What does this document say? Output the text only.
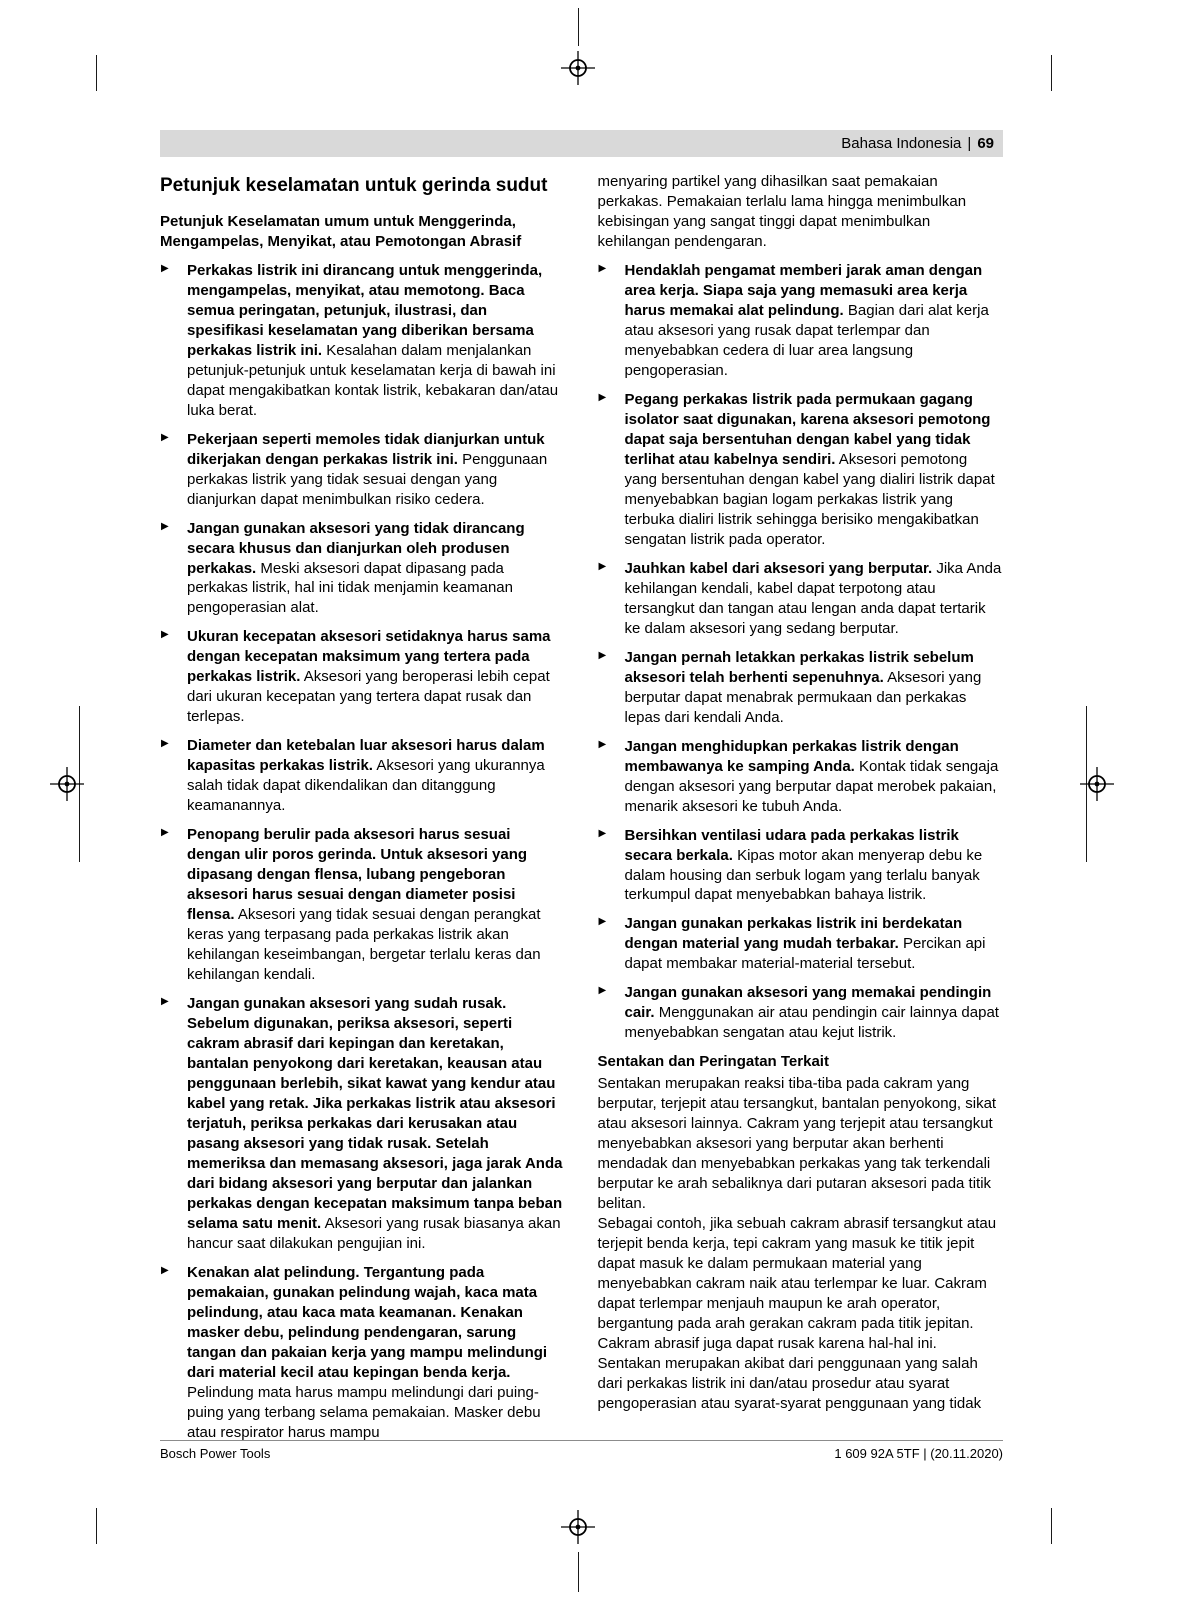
Bahasa Indonesia | 69
Petunjuk keselamatan untuk gerinda sudut
Petunjuk Keselamatan umum untuk Menggerinda, Mengampelas, Menyikat, atau Pemotongan Abrasif
▶ Perkakas listrik ini dirancang untuk menggerinda, mengampelas, menyikat, atau memotong. Baca semua peringatan, petunjuk, ilustrasi, dan spesifikasi keselamatan yang diberikan bersama perkakas listrik ini. Kesalahan dalam menjalankan petunjuk-petunjuk untuk keselamatan kerja di bawah ini dapat mengakibatkan kontak listrik, kebakaran dan/atau luka berat.

▶ Pekerjaan seperti memoles tidak dianjurkan untuk dikerjakan dengan perkakas listrik ini. Penggunaan perkakas listrik yang tidak sesuai dengan yang dianjurkan dapat menimbulkan risiko cedera.

▶ Jangan gunakan aksesori yang tidak dirancang secara khusus dan dianjurkan oleh produsen perkakas. Meski aksesori dapat dipasang pada perkakas listrik, hal ini tidak menjamin keamanan pengoperasian alat.

▶ Ukuran kecepatan aksesori setidaknya harus sama dengan kecepatan maksimum yang tertera pada perkakas listrik. Aksesori yang beroperasi lebih cepat dari ukuran kecepatan yang tertera dapat rusak dan terlepas.

▶ Diameter dan ketebalan luar aksesori harus dalam kapasitas perkakas listrik. Aksesori yang ukurannya salah tidak dapat dikendalikan dan ditanggung keamanannya.

▶ Penopang berulir pada aksesori harus sesuai dengan ulir poros gerinda. Untuk aksesori yang dipasang dengan flensa, lubang pengeboran aksesori harus sesuai dengan diameter posisi flensa. Aksesori yang tidak sesuai dengan perangkat keras yang terpasang pada perkakas listrik akan kehilangan keseimbangan, bergetar terlalu keras dan kehilangan kendali.

▶ Jangan gunakan aksesori yang sudah rusak. Sebelum digunakan, periksa aksesori, seperti cakram abrasif dari kepingan dan keretakan, bantalan penyokong dari keretakan, keausan atau penggunaan berlebih, sikat kawat yang kendur atau kabel yang retak. Jika perkakas listrik atau aksesori terjatuh, periksa perkakas dari kerusakan atau pasang aksesori yang tidak rusak. Setelah memeriksa dan memasang aksesori, jaga jarak Anda dari bidang aksesori yang berputar dan jalankan perkakas dengan kecepatan maksimum tanpa beban selama satu menit. Aksesori yang rusak biasanya akan hancur saat dilakukan pengujian ini.

▶ Kenakan alat pelindung. Tergantung pada pemakaian, gunakan pelindung wajah, kaca mata pelindung, atau kaca mata keamanan. Kenakan masker debu, pelindung pendengaran, sarung tangan dan pakaian kerja yang mampu melindungi dari material kecil atau kepingan benda kerja. Pelindung mata harus mampu melindungi dari puing-puing yang terbang selama pemakaian. Masker debu atau respirator harus mampu

menyaring partikel yang dihasilkan saat pemakaian perkakas. Pemakaian terlalu lama hingga menimbulkan kebisingan yang sangat tinggi dapat menimbulkan kehilangan pendengaran.

▶ Hendaklah pengamat memberi jarak aman dengan area kerja. Siapa saja yang memasuki area kerja harus memakai alat pelindung. Bagian dari alat kerja atau aksesori yang rusak dapat terlempar dan menyebabkan cedera di luar area langsung pengoperasian.

▶ Pegang perkakas listrik pada permukaan gagang isolator saat digunakan, karena aksesori pemotong dapat saja bersentuhan dengan kabel yang tidak terlihat atau kabelnya sendiri. Aksesori pemotong yang bersentuhan dengan kabel yang dialiri listrik dapat menyebabkan bagian logam perkakas listrik yang terbuka dialiri listrik sehingga berisiko mengakibatkan sengatan listrik pada operator.

▶ Jauhkan kabel dari aksesori yang berputar. Jika Anda kehilangan kendali, kabel dapat terpotong atau tersangkut dan tangan atau lengan anda dapat tertarik ke dalam aksesori yang sedang berputar.

▶ Jangan pernah letakkan perkakas listrik sebelum aksesori telah berhenti sepenuhnya. Aksesori yang berputar dapat menabrak permukaan dan perkakas lepas dari kendali Anda.

▶ Jangan menghidupkan perkakas listrik dengan membawanya ke samping Anda. Kontak tidak sengaja dengan aksesori yang berputar dapat merobek pakaian, menarik aksesori ke tubuh Anda.

▶ Bersihkan ventilasi udara pada perkakas listrik secara berkala. Kipas motor akan menyerap debu ke dalam housing dan serbuk logam yang terlalu banyak terkumpul dapat menyebabkan bahaya listrik.

▶ Jangan gunakan perkakas listrik ini berdekatan dengan material yang mudah terbakar. Percikan api dapat membakar material-material tersebut.

▶ Jangan gunakan aksesori yang memakai pendingin cair. Menggunakan air atau pendingin cair lainnya dapat menyebabkan sengatan atau kejut listrik.

Sentakan dan Peringatan Terkait

Sentakan merupakan reaksi tiba-tiba pada cakram yang berputar, terjepit atau tersangkut, bantalan penyokong, sikat atau aksesori lainnya. Cakram yang terjepit atau tersangkut menyebabkan aksesori yang berputar akan berhenti mendadak dan menyebabkan perkakas yang tak terkendali berputar ke arah sebaliknya dari putaran aksesori pada titik belitan.

Sebagai contoh, jika sebuah cakram abrasif tersangkut atau terjepit benda kerja, tepi cakram yang masuk ke titik jepit dapat masuk ke dalam permukaan material yang menyebabkan cakram naik atau terlempar ke luar. Cakram dapat terlempar menjauh maupun ke arah operator, bergantung pada arah gerakan cakram pada titik jepitan. Cakram abrasif juga dapat rusak karena hal-hal ini.

Sentakan merupakan akibat dari penggunaan yang salah dari perkakas listrik ini dan/atau prosedur atau syarat pengoperasian atau syarat-syarat penggunaan yang tidak

Bosch Power Tools	1 609 92A 5TF | (20.11.2020)
